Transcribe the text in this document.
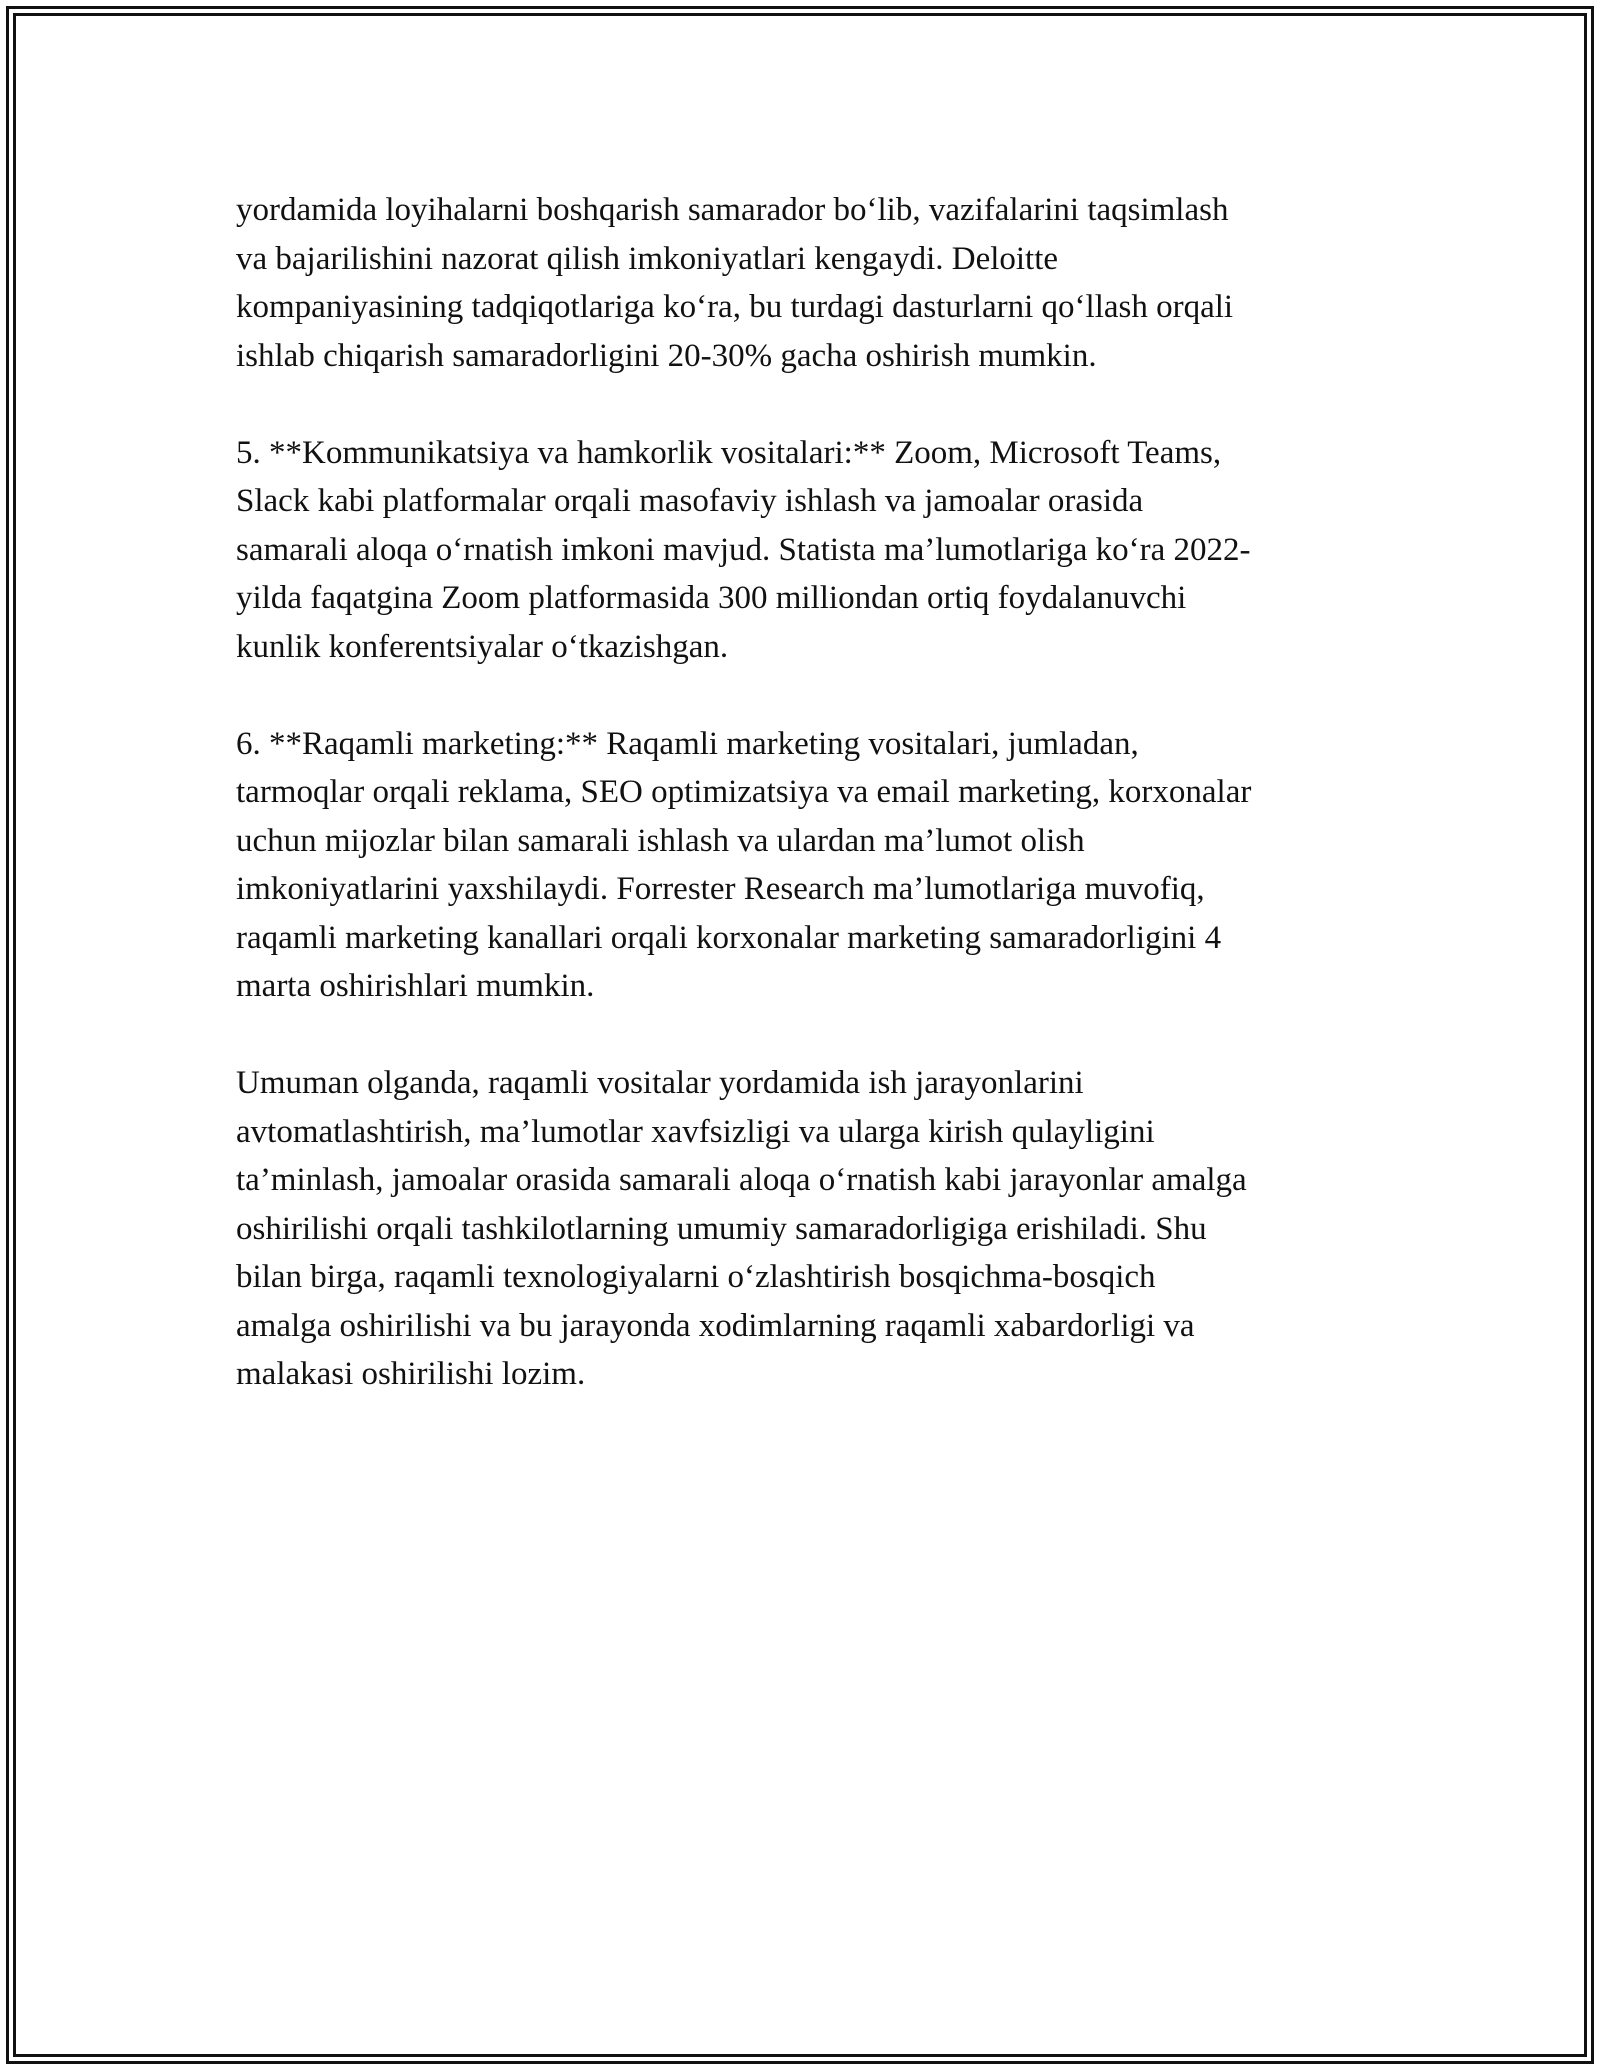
yordamida loyihalarni boshqarish samarador bo‘lib, vazifalarini taqsimlash
va bajarilishini nazorat qilish imkoniyatlari kengaydi. Deloitte
kompaniyasining tadqiqotlariga ko‘ra, bu turdagi dasturlarni qo‘llash orqali
ishlab chiqarish samaradorligini 20-30% gacha oshirish mumkin.

5. **Kommunikatsiya va hamkorlik vositalari:** Zoom, Microsoft Teams,
Slack kabi platformalar orqali masofaviy ishlash va jamoalar orasida
samarali aloqa o‘rnatish imkoni mavjud. Statista ma’lumotlariga ko‘ra 2022-
yilda faqatgina Zoom platformasida 300 milliondan ortiq foydalanuvchi
kunlik konferentsiyalar o‘tkazishgan.

6. **Raqamli marketing:** Raqamli marketing vositalari, jumladan,
tarmoqlar orqali reklama, SEO optimizatsiya va email marketing, korxonalar
uchun mijozlar bilan samarali ishlash va ulardan ma’lumot olish
imkoniyatlarini yaxshilaydi. Forrester Research ma’lumotlariga muvofiq,
raqamli marketing kanallari orqali korxonalar marketing samaradorligini 4
marta oshirishlari mumkin.

Umuman olganda, raqamli vositalar yordamida ish jarayonlarini
avtomatlashtirish, ma’lumotlar xavfsizligi va ularga kirish qulayligini
ta’minlash, jamoalar orasida samarali aloqa o‘rnatish kabi jarayonlar amalga
oshirilishi orqali tashkilotlarning umumiy samaradorligiga erishiladi. Shu
bilan birga, raqamli texnologiyalarni o‘zlashtirish bosqichma-bosqich
amalga oshirilishi va bu jarayonda xodimlarning raqamli xabardorligi va
malakasi oshirilishi lozim.
